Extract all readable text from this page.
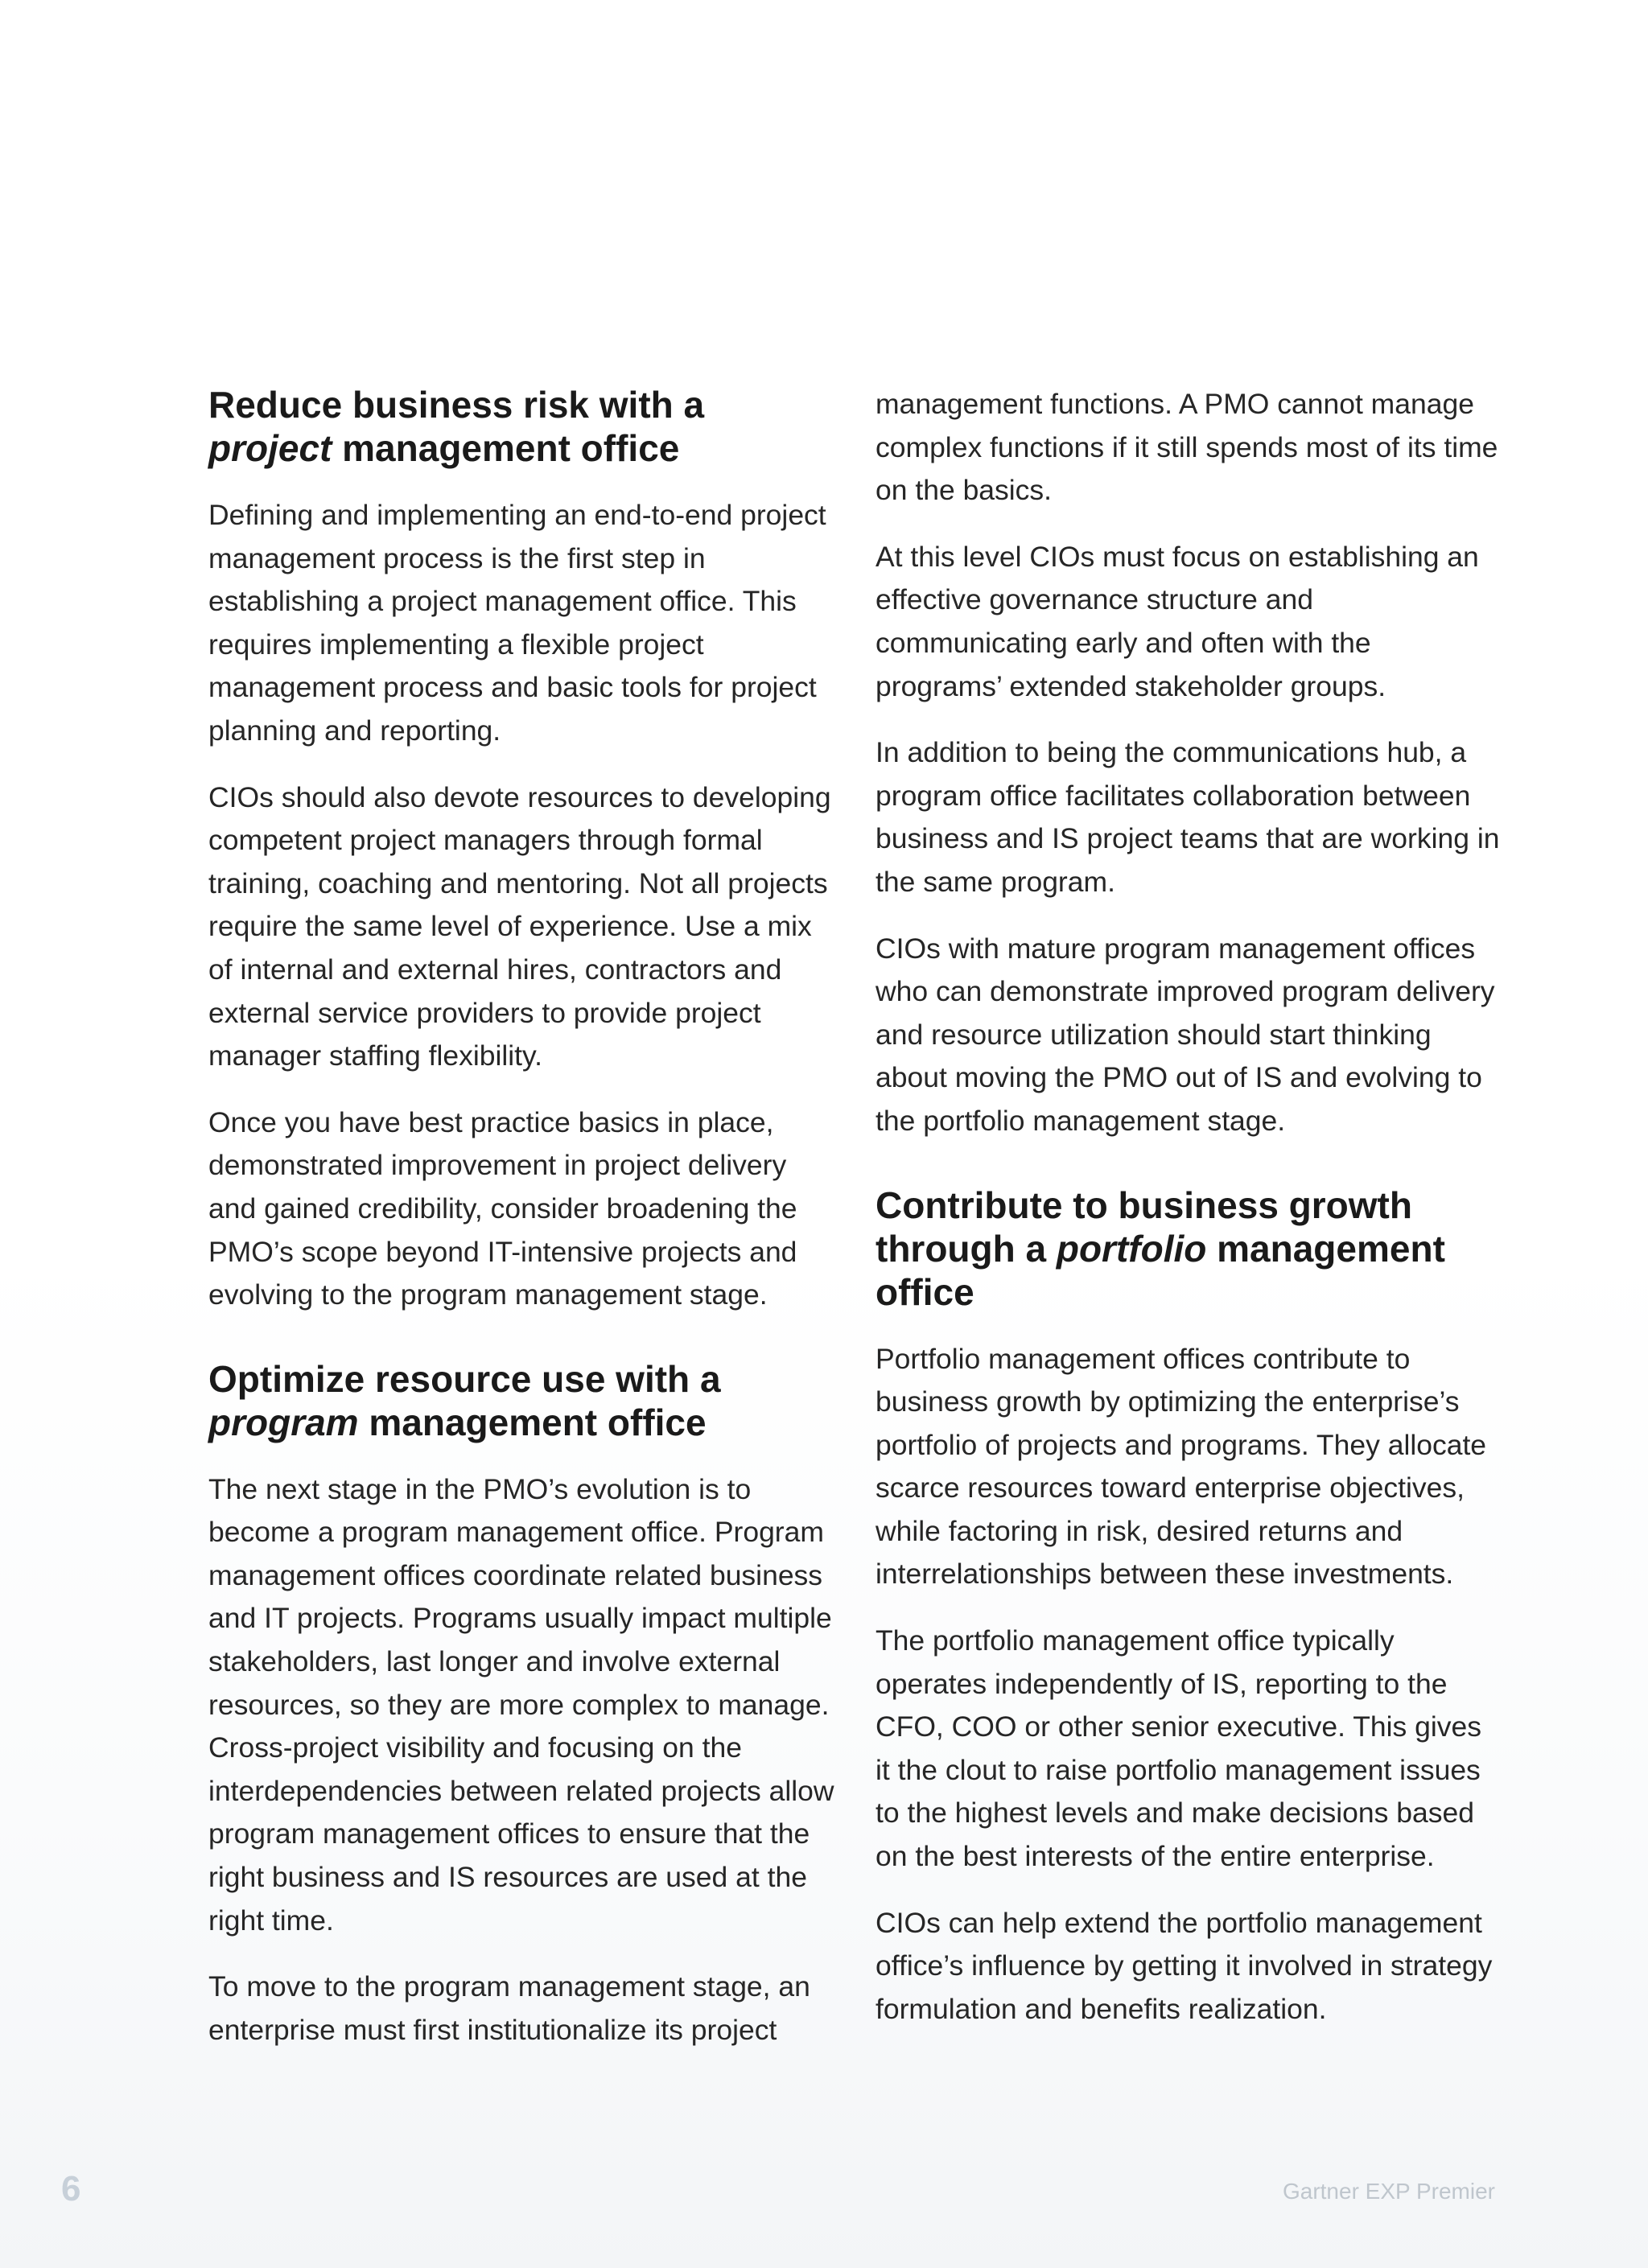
Reduce business risk with a
project management office

Defining and implementing an end-to-end project management process is the first step in establishing a project management office. This requires implementing a flexible project management process and basic tools for project planning and reporting.

CIOs should also devote resources to developing competent project managers through formal training, coaching and mentoring. Not all projects require the same level of experience. Use a mix of internal and external hires, contractors and external service providers to provide project manager staffing flexibility.

Once you have best practice basics in place, demonstrated improvement in project delivery and gained credibility, consider broadening the PMO’s scope beyond IT-intensive projects and evolving to the program management stage.

Optimize resource use with a
program management office

The next stage in the PMO’s evolution is to become a program management office. Program management offices coordinate related business and IT projects. Programs usually impact multiple stakeholders, last longer and involve external resources, so they are more complex to manage. Cross-project visibility and focusing on the interdependencies between related projects allow program management offices to ensure that the right business and IS resources are used at the right time.

To move to the program management stage, an enterprise must first institutionalize its project

management functions. A PMO cannot manage complex functions if it still spends most of its time on the basics.

At this level CIOs must focus on establishing an effective governance structure and communicating early and often with the programs’ extended stakeholder groups.

In addition to being the communications hub, a program office facilitates collaboration between business and IS project teams that are working in the same program.

CIOs with mature program management offices who can demonstrate improved program delivery and resource utilization should start thinking about moving the PMO out of IS and evolving to the portfolio management stage.

Contribute to business growth through a portfolio management office

Portfolio management offices contribute to business growth by optimizing the enterprise’s portfolio of projects and programs. They allocate scarce resources toward enterprise objectives, while factoring in risk, desired returns and interrelationships between these investments.

The portfolio management office typically operates independently of IS, reporting to the CFO, COO or other senior executive. This gives it the clout to raise portfolio management issues to the highest levels and make decisions based on the best interests of the entire enterprise.

CIOs can help extend the portfolio management office’s influence by getting it involved in strategy formulation and benefits realization.

6	Gartner EXP Premier
